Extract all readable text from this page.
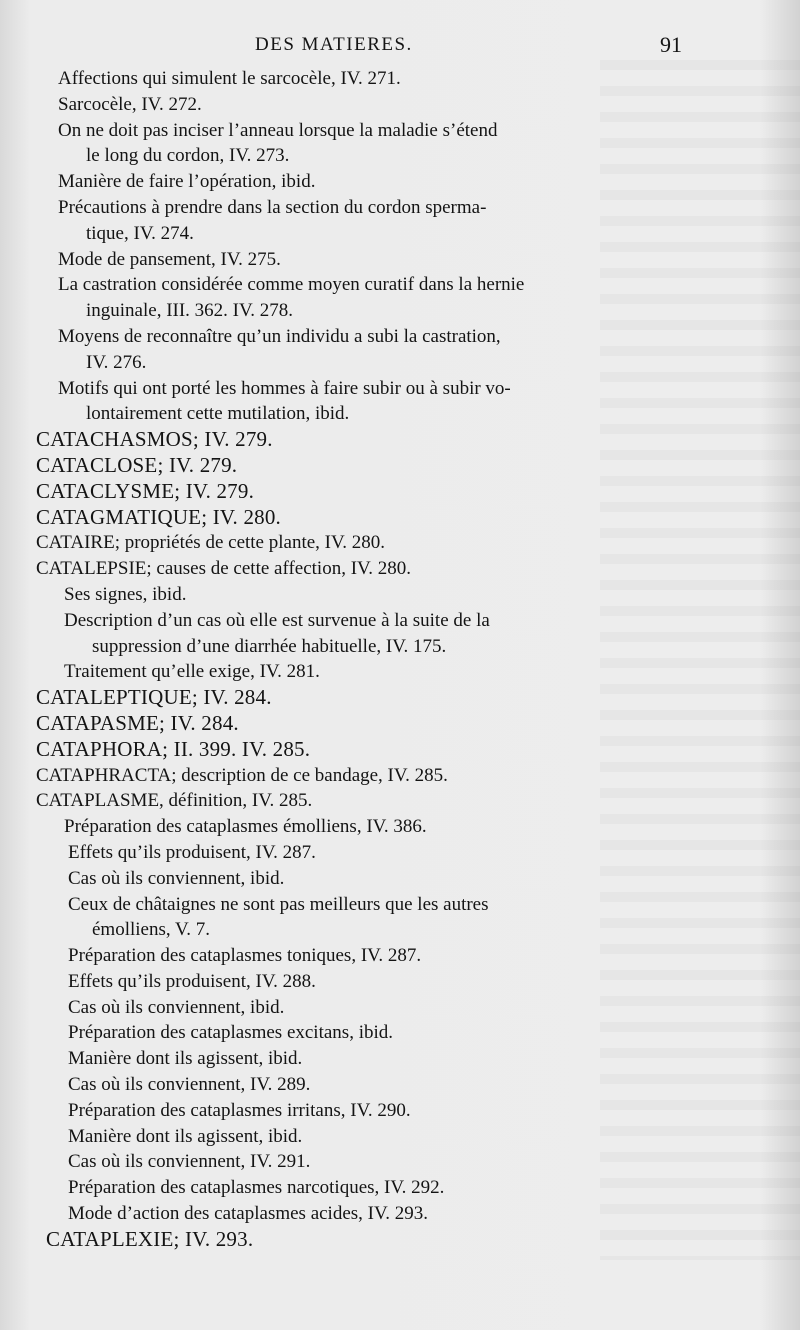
DES MATIERES.	91
Affections qui simulent le sarcocèle, IV. 271.
Sarcocèle, IV. 272.
On ne doit pas inciser l’anneau lorsque la maladie s’étend
le long du cordon, IV. 273.
Manière de faire l’opération, ibid.
Précautions à prendre dans la section du cordon sperma-
tique, IV. 274.
Mode de pansement, IV. 275.
La castration considérée comme moyen curatif dans la hernie
inguinale, III. 362. IV. 278.
Moyens de reconnaître qu’un individu a subi la castration,
IV. 276.
Motifs qui ont porté les hommes à faire subir ou à subir vo-
lontairement cette mutilation, ibid.
CATACHASMOS; IV. 279.
CATACLOSE; IV. 279.
CATACLYSME; IV. 279.
CATAGMATIQUE; IV. 280.
CATAIRE; propriétés de cette plante, IV. 280.
CATALEPSIE; causes de cette affection, IV. 280.
Ses signes, ibid.
Description d’un cas où elle est survenue à la suite de la
suppression d’une diarrhée habituelle, IV. 175.
Traitement qu’elle exige, IV. 281.
CATALEPTIQUE; IV. 284.
CATAPASME; IV. 284.
CATAPHORA; II. 399. IV. 285.
CATAPHRACTA; description de ce bandage, IV. 285.
CATAPLASME, définition, IV. 285.
Préparation des cataplasmes émolliens, IV. 386.
Effets qu’ils produisent, IV. 287.
Cas où ils conviennent, ibid.
Ceux de châtaignes ne sont pas meilleurs que les autres
émolliens, V. 7.
Préparation des cataplasmes toniques, IV. 287.
Effets qu’ils produisent, IV. 288.
Cas où ils conviennent, ibid.
Préparation des cataplasmes excitans, ibid.
Manière dont ils agissent, ibid.
Cas où ils conviennent, IV. 289.
Préparation des cataplasmes irritans, IV. 290.
Manière dont ils agissent, ibid.
Cas où ils conviennent, IV. 291.
Préparation des cataplasmes narcotiques, IV. 292.
Mode d’action des cataplasmes acides, IV. 293.
CATAPLEXIE; IV. 293.
